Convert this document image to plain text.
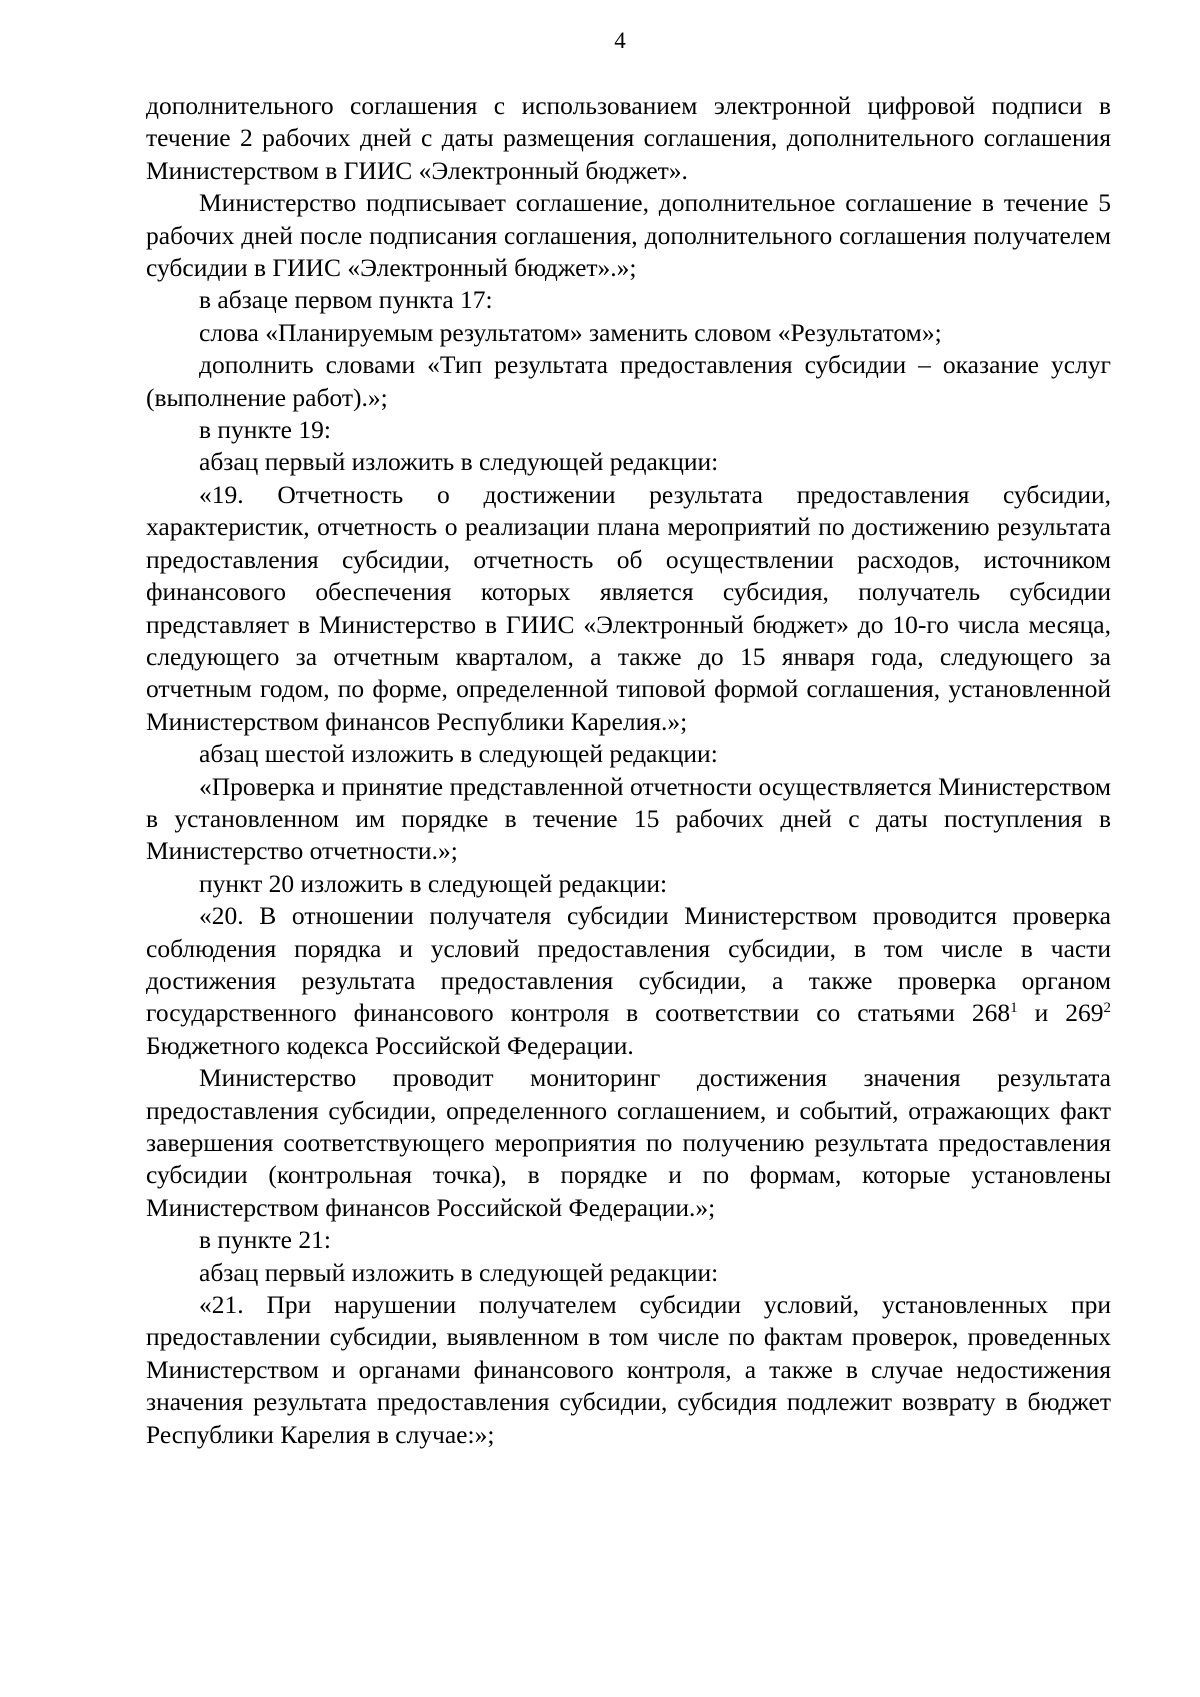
4

дополнительного соглашения с использованием электронной цифровой подписи в течение 2 рабочих дней с даты размещения соглашения, дополнительного соглашения Министерством в ГИИС «Электронный бюджет».

Министерство подписывает соглашение, дополнительное соглашение в течение 5 рабочих дней после подписания соглашения, дополнительного соглашения получателем субсидии в ГИИС «Электронный бюджет».»;

в абзаце первом пункта 17:

слова «Планируемым результатом» заменить словом «Результатом»;

дополнить словами «Тип результата предоставления субсидии – оказание услуг (выполнение работ).»;

в пункте 19:

абзац первый изложить в следующей редакции:

«19. Отчетность о достижении результата предоставления субсидии, характеристик, отчетность о реализации плана мероприятий по достижению результата предоставления субсидии, отчетность об осуществлении расходов, источником финансового обеспечения которых является субсидия, получатель субсидии представляет в Министерство в ГИИС «Электронный бюджет» до 10-го числа месяца, следующего за отчетным кварталом, а также до 15 января года, следующего за отчетным годом, по форме, определенной типовой формой соглашения, установленной Министерством финансов Республики Карелия.»;

абзац шестой изложить в следующей редакции:

«Проверка и принятие представленной отчетности осуществляется Министерством в установленном им порядке в течение 15 рабочих дней с даты поступления в Министерство отчетности.»;

пункт 20 изложить в следующей редакции:

«20. В отношении получателя субсидии Министерством проводится проверка соблюдения порядка и условий предоставления субсидии, в том числе в части достижения результата предоставления субсидии, а также проверка органом государственного финансового контроля в соответствии со статьями $268^1$ и $269^2$ Бюджетного кодекса Российской Федерации.

Министерство проводит мониторинг достижения значения результата предоставления субсидии, определенного соглашением, и событий, отражающих факт завершения соответствующего мероприятия по получению результата предоставления субсидии (контрольная точка), в порядке и по формам, которые установлены Министерством финансов Российской Федерации.»;

в пункте 21:

абзац первый изложить в следующей редакции:

«21. При нарушении получателем субсидии условий, установленных при предоставлении субсидии, выявленном в том числе по фактам проверок, проведенных Министерством и органами финансового контроля, а также в случае недостижения значения результата предоставления субсидии, субсидия подлежит возврату в бюджет Республики Карелия в случае:»;
